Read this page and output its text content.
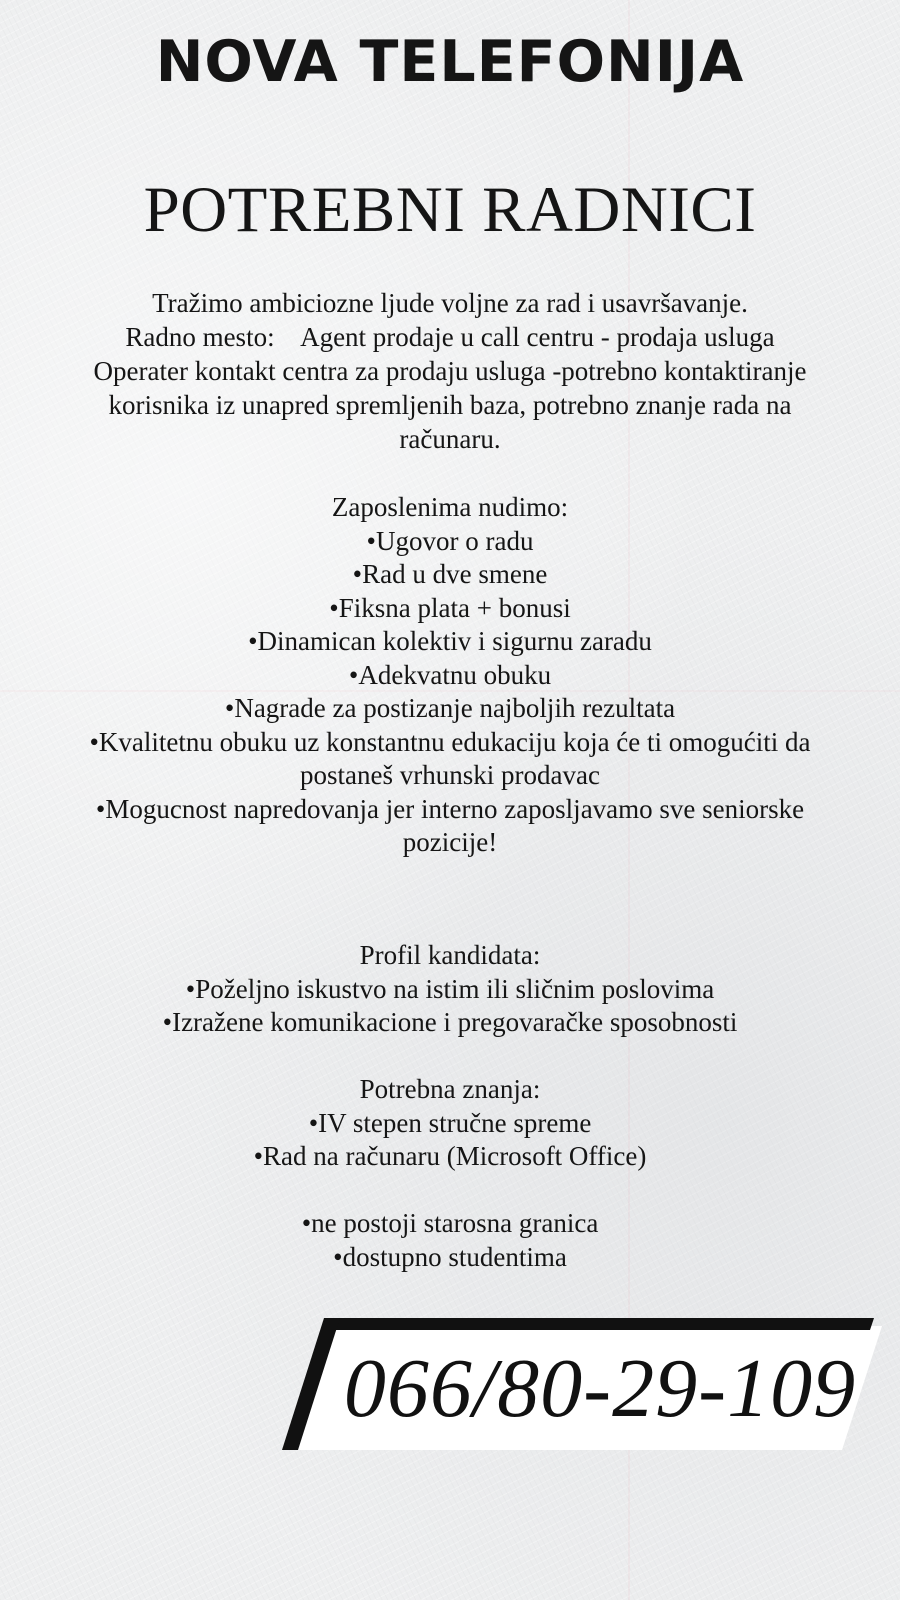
NOVA TELEFONIJA
POTREBNI RADNICI

Tražimo ambiciozne ljude voljne za rad i usavršavanje.

Radno mesto:    Agent prodaje u call centru - prodaja usluga

Operater kontakt centra za prodaju usluga -potrebno kontaktiranje

korisnika iz unapred spremljenih baza, potrebno znanje rada na

računaru.

Zaposlenima nudimo:

•Ugovor o radu

•Rad u dve smene

•Fiksna plata + bonusi

•Dinamican kolektiv i sigurnu zaradu

•Adekvatnu obuku

•Nagrade za postizanje najboljih rezultata

•Kvalitetnu obuku uz konstantnu edukaciju koja će ti omogućiti da

postaneš vrhunski prodavac

•Mogucnost napredovanja jer interno zaposljavamo sve seniorske

pozicije!

Profil kandidata:

•Poželjno iskustvo na istim ili sličnim poslovima

•Izražene komunikacione i pregovaračke sposobnosti

Potrebna znanja:

•IV stepen stručne spreme

•Rad na računaru (Microsoft Office)

•ne postoji starosna granica

•dostupno studentima

066/80-29-109
